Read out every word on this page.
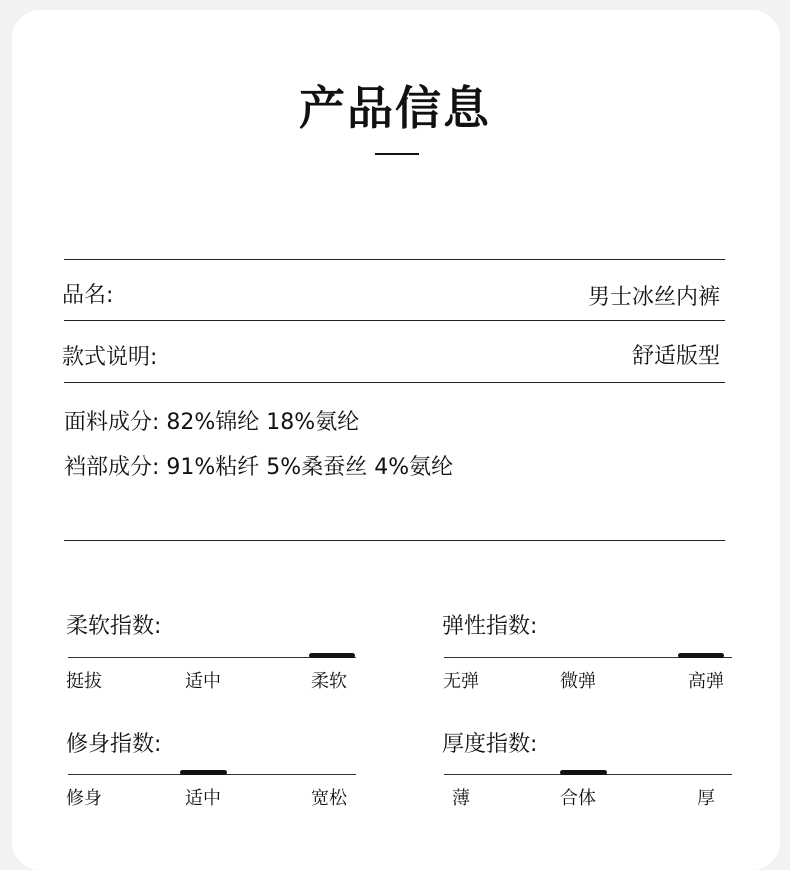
产品信息
品名:	男士冰丝内裤
款式说明:	舒适版型
面料成分: 82%锦纶 18%氨纶
裆部成分: 91%粘纤 5%桑蚕丝 4%氨纶
柔软指数:
挺拔	适中	柔软
弹性指数:
无弹	微弹	高弹
修身指数:
修身	适中	宽松
厚度指数:
薄	合体	厚
